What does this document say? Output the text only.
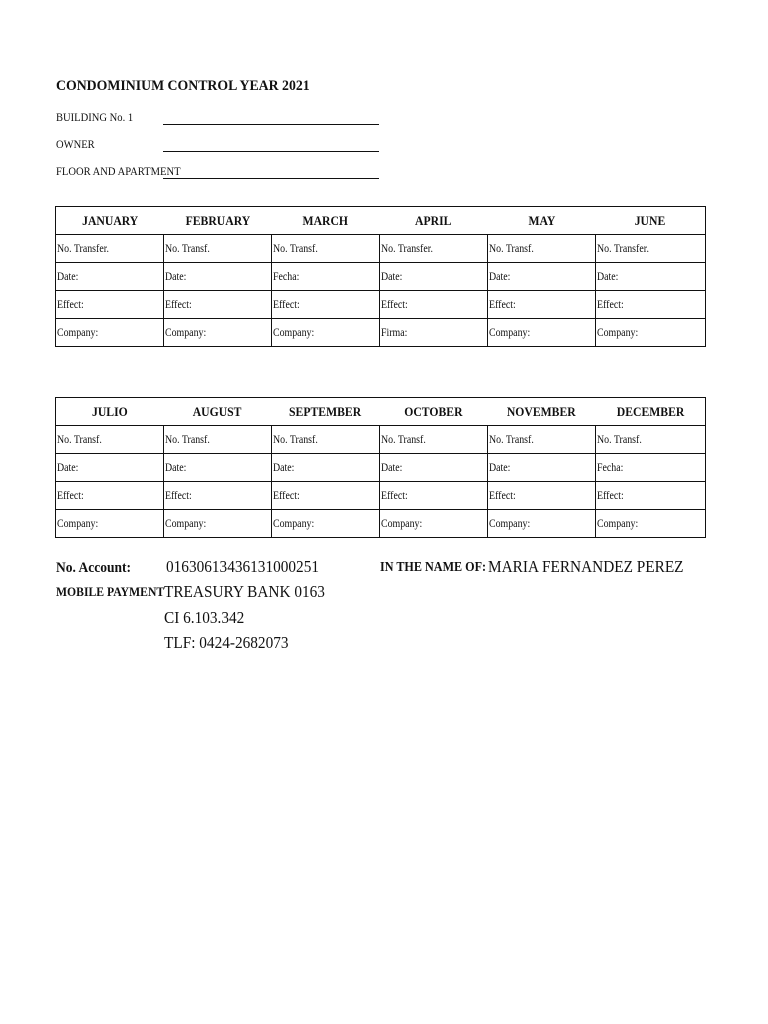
CONDOMINIUM CONTROL YEAR 2021
BUILDING No. 1
OWNER
FLOOR AND APARTMENT
JANUARY	FEBRUARY	MARCH	APRIL	MAY	JUNE
No. Transfer.	No. Transf.	No. Transf.	No. Transfer.	No. Transf.	No. Transfer.
Date:	Date:	Fecha:	Date:	Date:	Date:
Effect:	Effect:	Effect:	Effect:	Effect:	Effect:
Company:	Company:	Company:	Firma:	Company:	Company:
JULIO	AUGUST	SEPTEMBER	OCTOBER	NOVEMBER	DECEMBER
No. Transf.	No. Transf.	No. Transf.	No. Transf.	No. Transf.	No. Transf.
Date:	Date:	Date:	Date:	Date:	Fecha:
Effect:	Effect:	Effect:	Effect:	Effect:	Effect:
Company:	Company:	Company:	Company:	Company:	Company:
No. Account: 01630613436131000251	IN THE NAME OF: MARIA FERNANDEZ PEREZ
MOBILE PAYMENT TREASURY BANK 0163
CI 6.103.342
TLF: 0424-2682073
